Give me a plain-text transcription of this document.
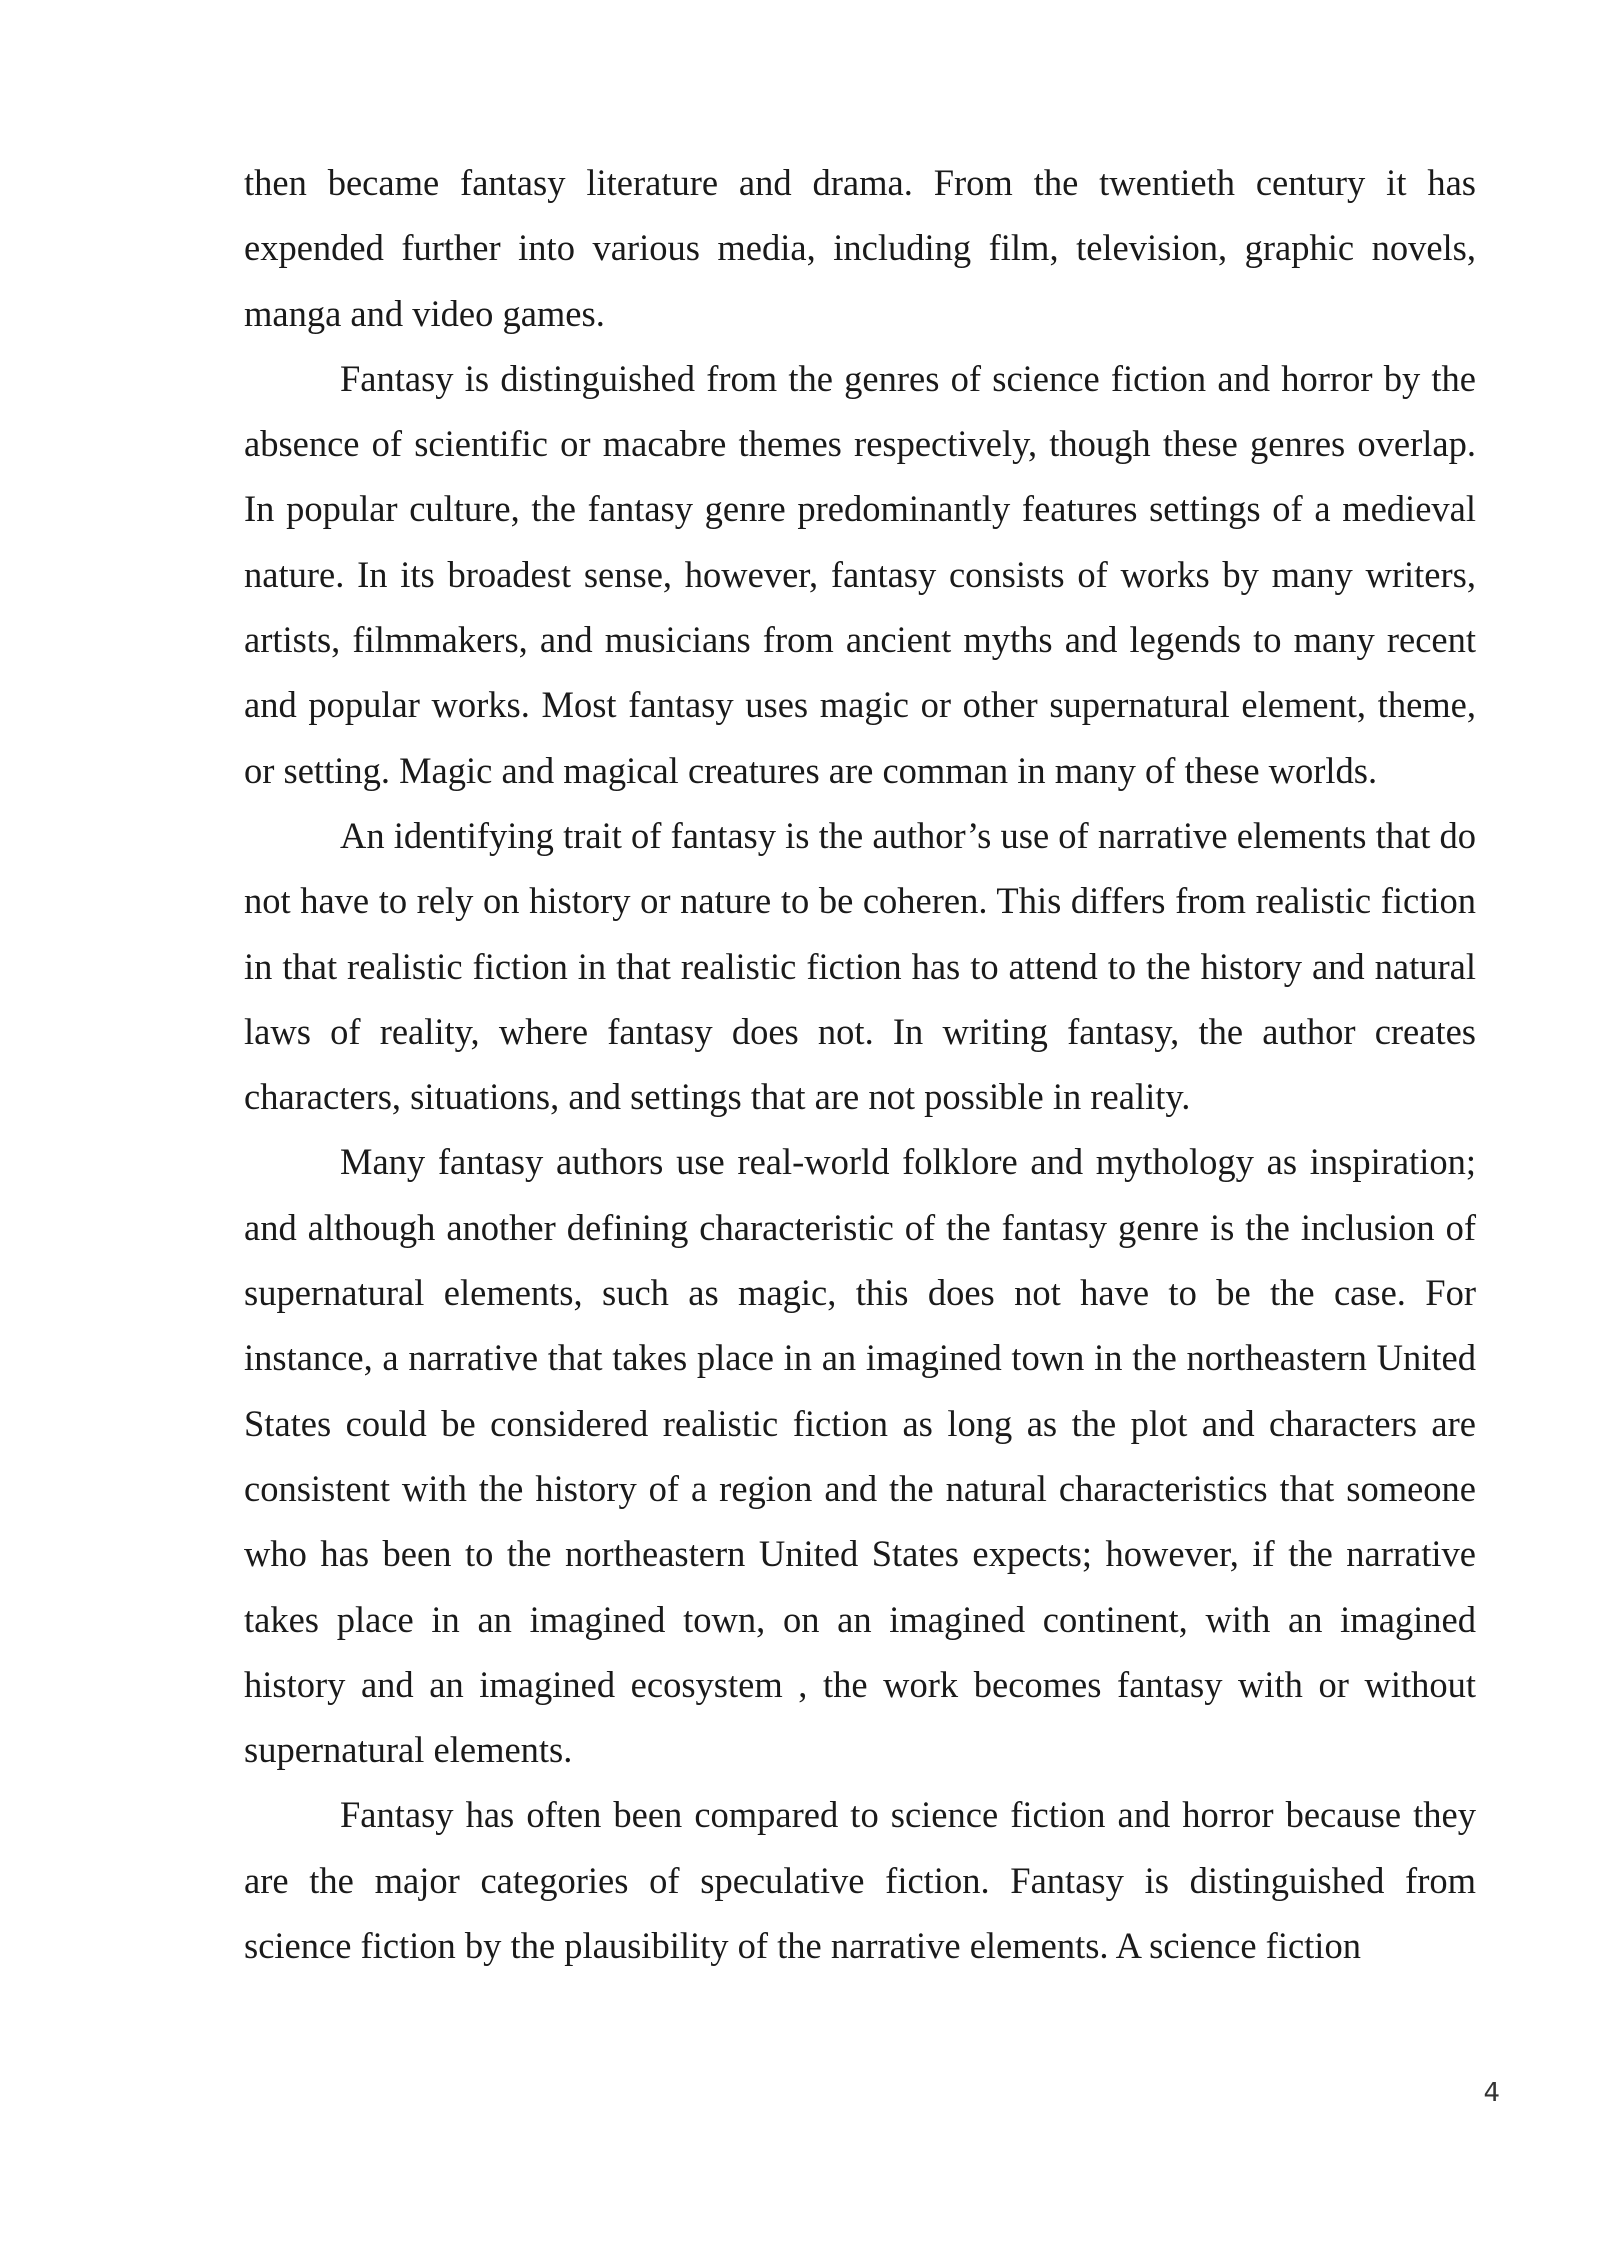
then became fantasy literature and drama. From the twentieth century it has expended further into various media, including film, television, graphic novels, manga and video games.

Fantasy is distinguished from the genres of science fiction and horror by the absence of scientific or macabre themes respectively, though these genres overlap. In popular culture, the fantasy genre predominantly features settings of a medieval nature. In its broadest sense, however, fantasy consists of works by many writers, artists, filmmakers, and musicians from ancient myths and legends to many recent and popular works. Most fantasy uses magic or other supernatural element, theme, or setting. Magic and magical creatures are comman in many of these worlds.

An identifying trait of fantasy is the author’s use of narrative elements that do not have to rely on history or nature to be coheren. This differs from realistic fiction in that realistic fiction in that realistic fiction has to attend to the history and natural laws of reality, where fantasy does not. In writing fantasy, the author creates characters, situations, and settings that are not possible in reality.

Many fantasy authors use real-world folklore and mythology as inspiration; and although another defining characteristic of the fantasy genre is the inclusion of supernatural elements, such as magic, this does not have to be the case. For instance, a narrative that takes place in an imagined town in the northeastern United States could be considered realistic fiction as long as the plot and characters are consistent with the history of a region and the natural characteristics that someone who has been to the northeastern United States expects; however, if the narrative takes place in an imagined town, on an imagined continent, with an imagined history and an imagined ecosystem , the work becomes fantasy with or without supernatural elements.

Fantasy has often been compared to science fiction and horror because they are the major categories of speculative fiction. Fantasy is distinguished from science fiction by the plausibility of the narrative elements. A science fiction

4
